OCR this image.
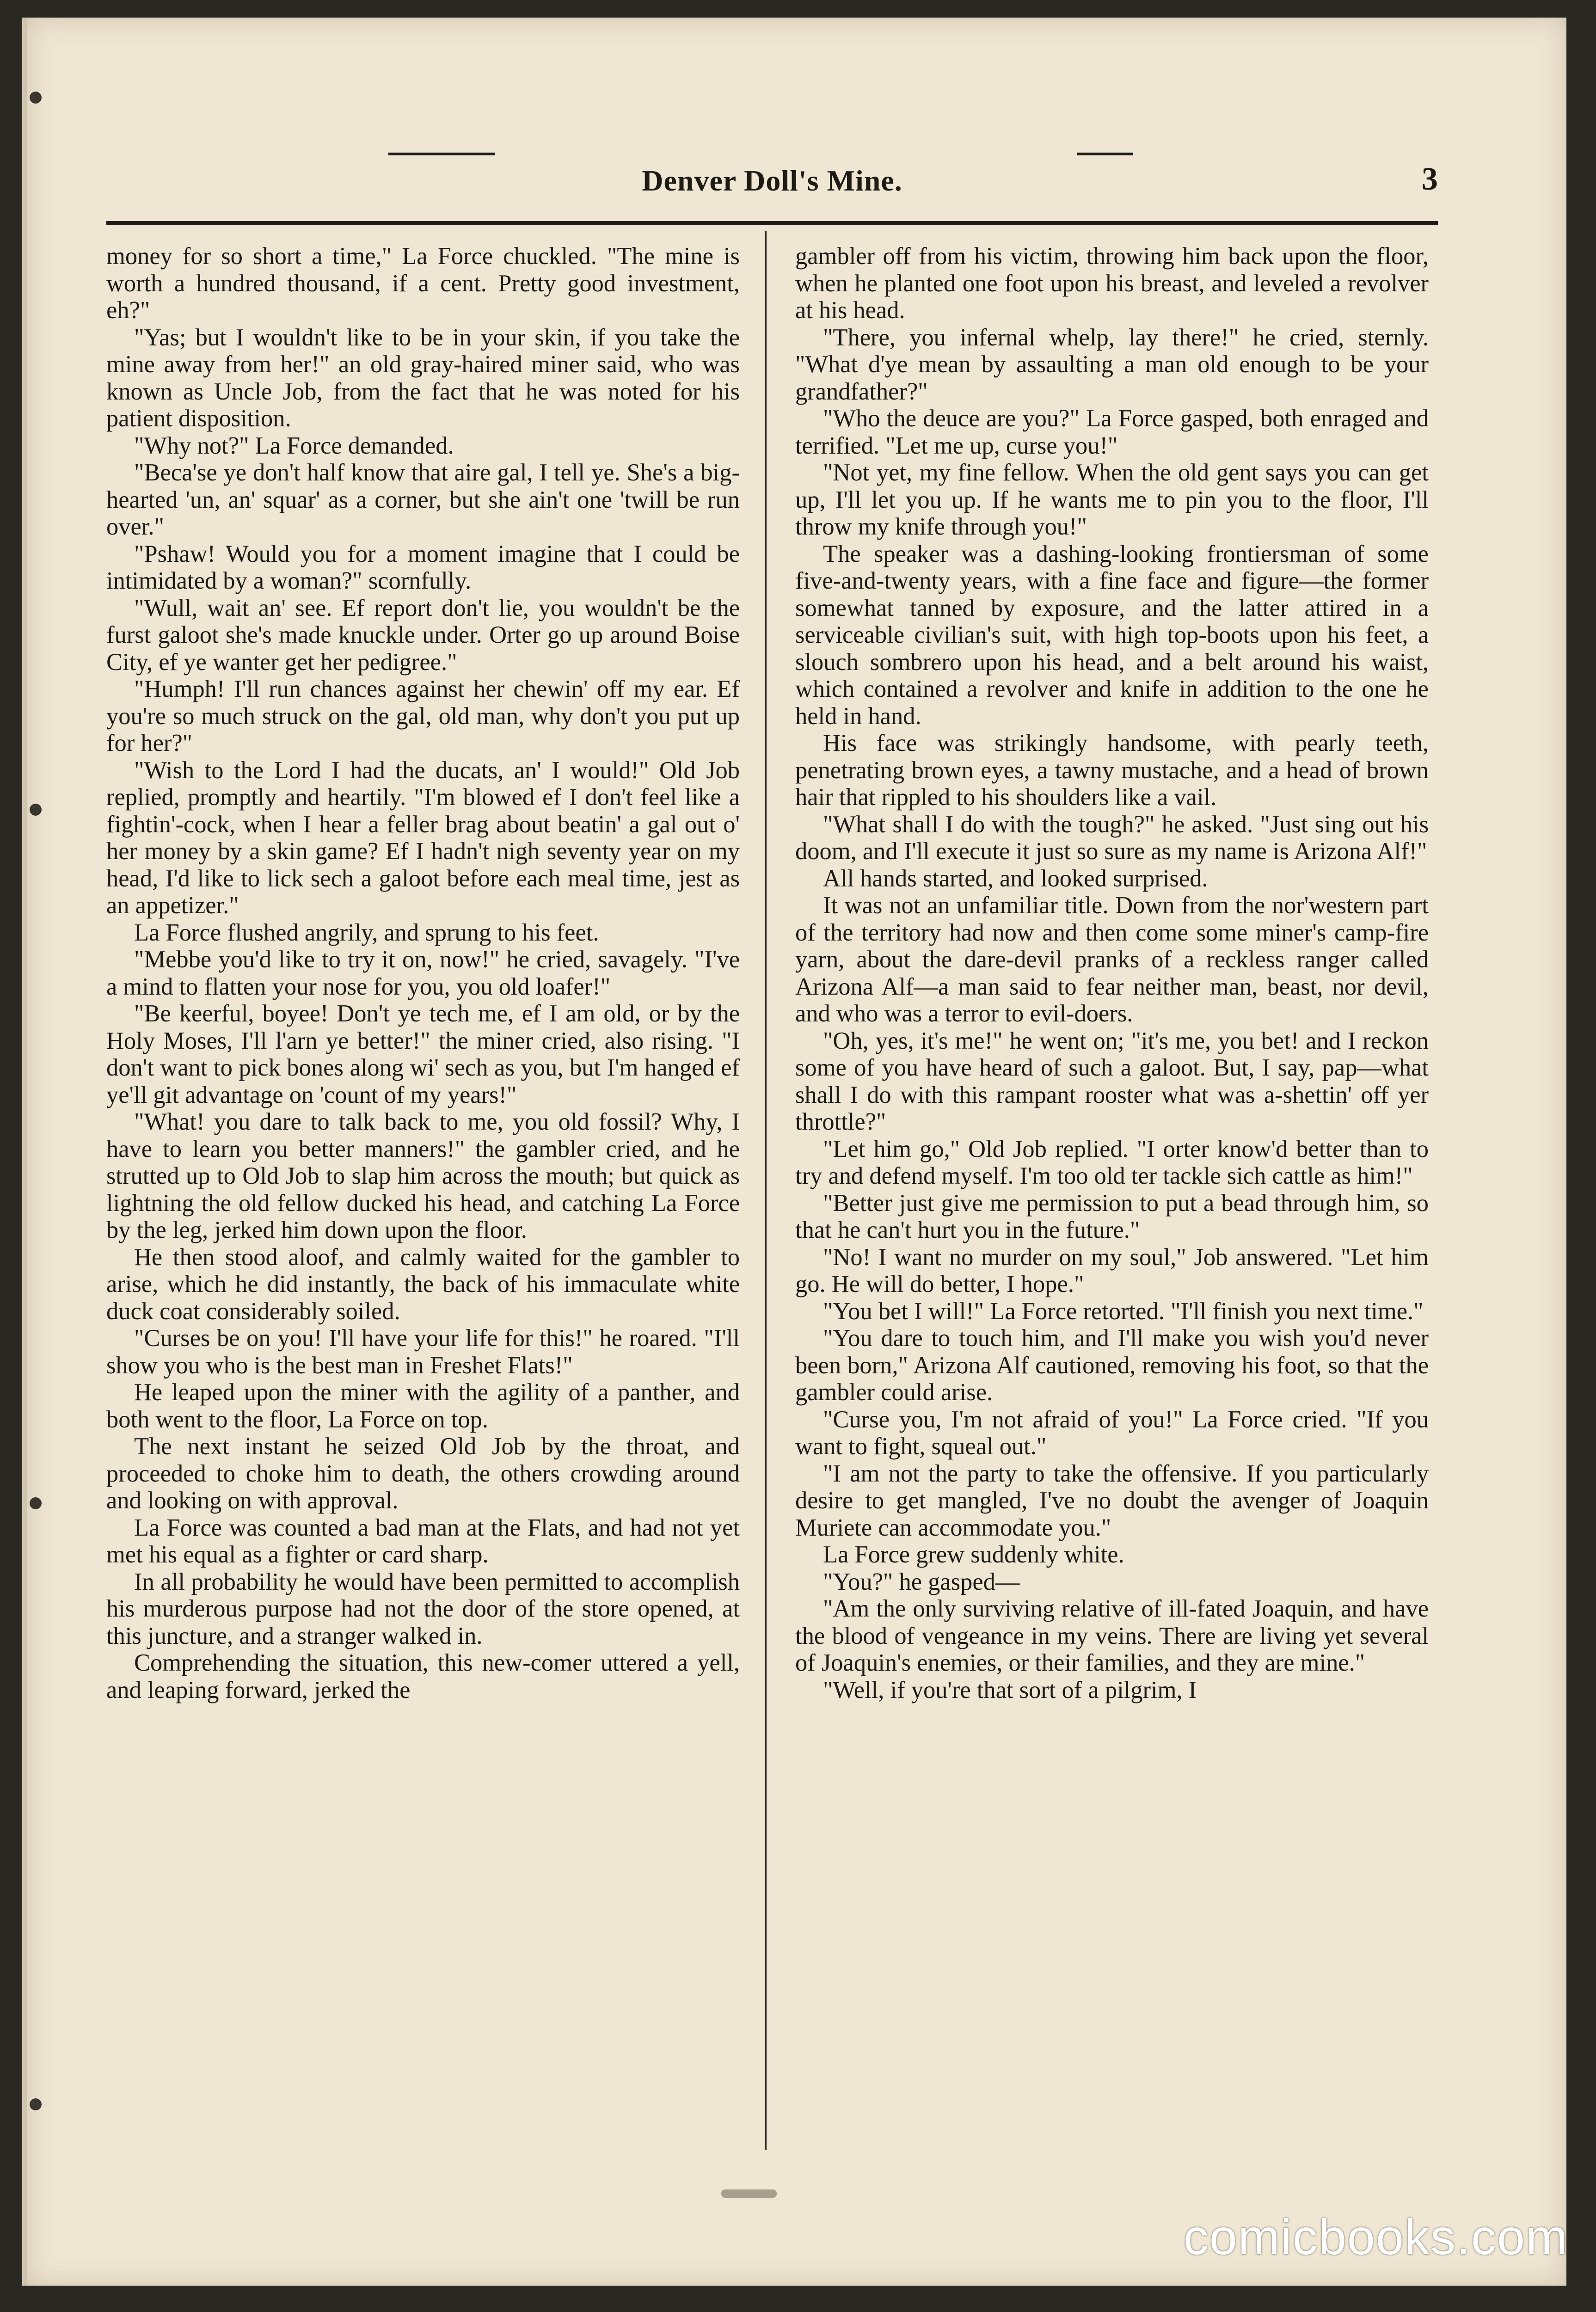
Denver Doll's Mine.	3

money for so short a time," La Force chuckled. "The mine is worth a hundred thousand, if a cent. Pretty good investment, eh?"

"Yas; but I wouldn't like to be in your skin, if you take the mine away from her!" an old gray-haired miner said, who was known as Uncle Job, from the fact that he was noted for his patient disposition.

"Why not?" La Force demanded.

"Beca'se ye don't half know that aire gal, I tell ye. She's a big-hearted 'un, an' squar' as a corner, but she ain't one 'twill be run over."

"Pshaw! Would you for a moment imagine that I could be intimidated by a woman?" scornfully.

"Wull, wait an' see. Ef report don't lie, you wouldn't be the furst galoot she's made knuckle under. Orter go up around Boise City, ef ye wanter get her pedigree."

"Humph! I'll run chances against her chewin' off my ear. Ef you're so much struck on the gal, old man, why don't you put up for her?"

"Wish to the Lord I had the ducats, an' I would!" Old Job replied, promptly and heartily. "I'm blowed ef I don't feel like a fightin'-cock, when I hear a feller brag about beatin' a gal out o' her money by a skin game? Ef I hadn't nigh seventy year on my head, I'd like to lick sech a galoot before each meal time, jest as an appetizer."

La Force flushed angrily, and sprung to his feet.

"Mebbe you'd like to try it on, now!" he cried, savagely. "I've a mind to flatten your nose for you, you old loafer!"

"Be keerful, boyee! Don't ye tech me, ef I am old, or by the Holy Moses, I'll l'arn ye better!" the miner cried, also rising. "I don't want to pick bones along wi' sech as you, but I'm hanged ef ye'll git advantage on 'count of my years!"

"What! you dare to talk back to me, you old fossil? Why, I have to learn you better manners!" the gambler cried, and he strutted up to Old Job to slap him across the mouth; but quick as lightning the old fellow ducked his head, and catching La Force by the leg, jerked him down upon the floor.

He then stood aloof, and calmly waited for the gambler to arise, which he did instantly, the back of his immaculate white duck coat considerably soiled.

"Curses be on you! I'll have your life for this!" he roared. "I'll show you who is the best man in Freshet Flats!"

He leaped upon the miner with the agility of a panther, and both went to the floor, La Force on top.

The next instant he seized Old Job by the throat, and proceeded to choke him to death, the others crowding around and looking on with approval.

La Force was counted a bad man at the Flats, and had not yet met his equal as a fighter or card sharp.

In all probability he would have been permitted to accomplish his murderous purpose had not the door of the store opened, at this juncture, and a stranger walked in.

Comprehending the situation, this new-comer uttered a yell, and leaping forward, jerked the

gambler off from his victim, throwing him back upon the floor, when he planted one foot upon his breast, and leveled a revolver at his head.

"There, you infernal whelp, lay there!" he cried, sternly. "What d'ye mean by assaulting a man old enough to be your grandfather?"

"Who the deuce are you?" La Force gasped, both enraged and terrified. "Let me up, curse you!"

"Not yet, my fine fellow. When the old gent says you can get up, I'll let you up. If he wants me to pin you to the floor, I'll throw my knife through you!"

The speaker was a dashing-looking frontiersman of some five-and-twenty years, with a fine face and figure—the former somewhat tanned by exposure, and the latter attired in a serviceable civilian's suit, with high top-boots upon his feet, a slouch sombrero upon his head, and a belt around his waist, which contained a revolver and knife in addition to the one he held in hand.

His face was strikingly handsome, with pearly teeth, penetrating brown eyes, a tawny mustache, and a head of brown hair that rippled to his shoulders like a vail.

"What shall I do with the tough?" he asked. "Just sing out his doom, and I'll execute it just so sure as my name is Arizona Alf!"

All hands started, and looked surprised.

It was not an unfamiliar title. Down from the nor'western part of the territory had now and then come some miner's camp-fire yarn, about the dare-devil pranks of a reckless ranger called Arizona Alf—a man said to fear neither man, beast, nor devil, and who was a terror to evil-doers.

"Oh, yes, it's me!" he went on; "it's me, you bet! and I reckon some of you have heard of such a galoot. But, I say, pap—what shall I do with this rampant rooster what was a-shettin' off yer throttle?"

"Let him go," Old Job replied. "I orter know'd better than to try and defend myself. I'm too old ter tackle sich cattle as him!"

"Better just give me permission to put a bead through him, so that he can't hurt you in the future."

"No! I want no murder on my soul," Job answered. "Let him go. He will do better, I hope."

"You bet I will!" La Force retorted. "I'll finish you next time."

"You dare to touch him, and I'll make you wish you'd never been born," Arizona Alf cautioned, removing his foot, so that the gambler could arise.

"Curse you, I'm not afraid of you!" La Force cried. "If you want to fight, squeal out."

"I am not the party to take the offensive. If you particularly desire to get mangled, I've no doubt the avenger of Joaquin Muriete can accommodate you."

La Force grew suddenly white.

"You?" he gasped—

"Am the only surviving relative of ill-fated Joaquin, and have the blood of vengeance in my veins. There are living yet several of Joaquin's enemies, or their families, and they are mine."

"Well, if you're that sort of a pilgrim, I

comicbooks.com
